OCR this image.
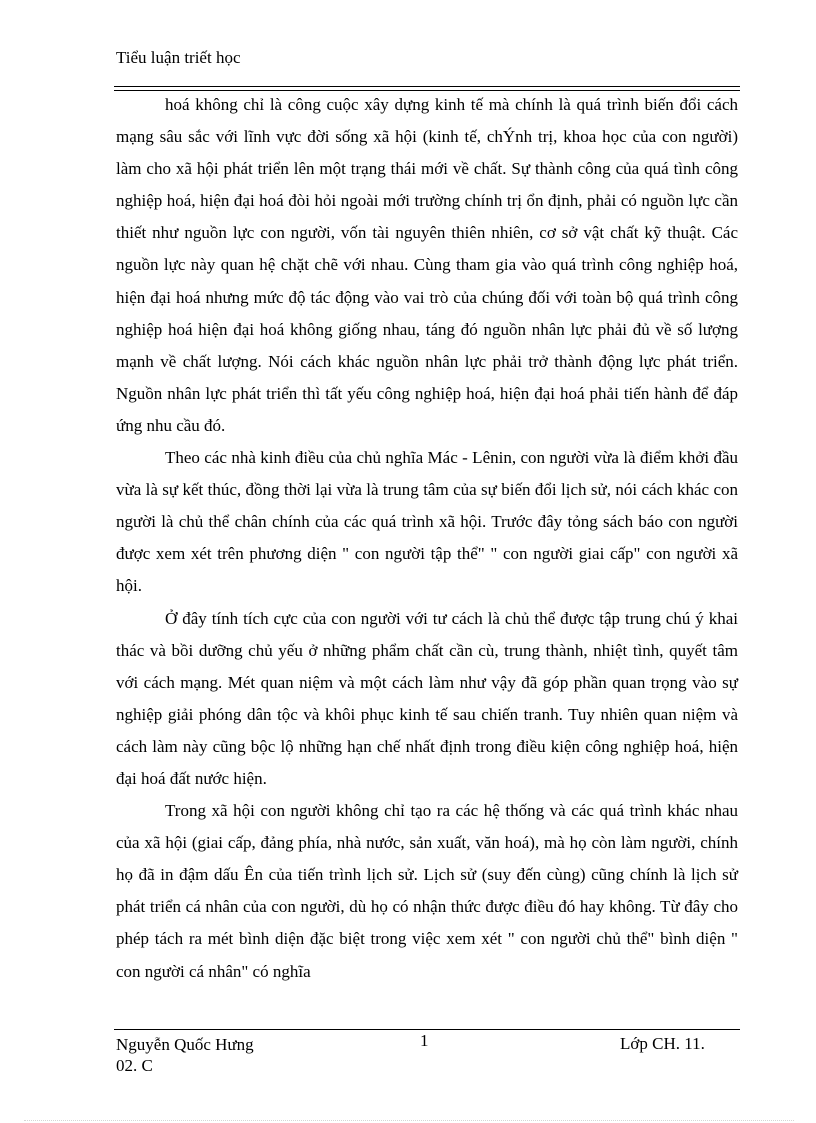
Tiểu luận triết học

hoá không chỉ là công cuộc xây dựng kinh tế mà chính là quá trình biến đổi cách mạng sâu sắc với lĩnh vực đời sống xã hội (kinh tế, chÝnh trị, khoa học của con người) làm cho xã hội phát triển lên một trạng thái mới về chất. Sự thành công của quá tình công nghiệp hoá, hiện đại hoá đòi hỏi ngoài mới trường chính trị ổn định, phải có nguồn lực cần thiết như nguồn lực con người, vốn tài nguyên thiên nhiên, cơ sở vật chất kỹ thuật. Các nguồn lực này quan hệ chặt chẽ với nhau. Cùng tham gia vào quá trình công nghiệp hoá, hiện đại hoá nhưng mức độ tác động vào vai trò của chúng đối với toàn bộ quá trình công nghiệp hoá hiện đại hoá không giống nhau, táng đó nguồn nhân lực phải đủ về số lượng mạnh về chất lượng. Nói cách khác nguồn nhân lực phải trở thành động lực phát triển. Nguồn nhân lực phát triển thì tất yếu công nghiệp hoá, hiện đại hoá phải tiến hành để đáp ứng nhu cầu đó.

Theo các nhà kinh điều của chủ nghĩa Mác - Lênin, con người vừa là điểm khởi đầu vừa là sự kết thúc, đồng thời lại vừa là trung tâm của sự biến đổi lịch sử, nói cách khác con người là chủ thể chân chính của các quá trình xã hội. Trước đây tỏng sách báo con người được xem xét trên phương diện " con người tập thể" " con người giai cấp" con người xã hội.

Ở đây tính tích cực của con người với tư cách là chủ thể được tập trung chú ý khai thác và bồi dưỡng chủ yếu ở những phẩm chất cần cù, trung thành, nhiệt tình, quyết tâm với cách mạng. Mét quan niệm và một cách làm như vậy đã góp phần quan trọng vào sự nghiệp giải phóng dân tộc và khôi phục kinh tế sau chiến tranh. Tuy nhiên quan niệm và cách làm này cũng bộc lộ những hạn chế nhất định trong điều kiện công nghiệp hoá, hiện đại hoá đất nước hiện.

Trong xã hội con người không chỉ tạo ra các hệ thống và các quá trình khác nhau của xã hội (giai cấp, đảng phía, nhà nước, sản xuất, văn hoá), mà họ còn làm người, chính họ đã in đậm dấu Ên của tiến trình lịch sử. Lịch sử (suy đến cùng) cũng chính là lịch sử phát triển cá nhân của con người, dù họ có nhận thức được điều đó hay không. Từ đây cho phép tách ra mét bình diện đặc biệt trong việc xem xét " con người chủ thể" bình diện " con người cá nhân" có nghĩa

Nguyễn Quốc Hưng
02. C
1	Lớp CH. 11.
